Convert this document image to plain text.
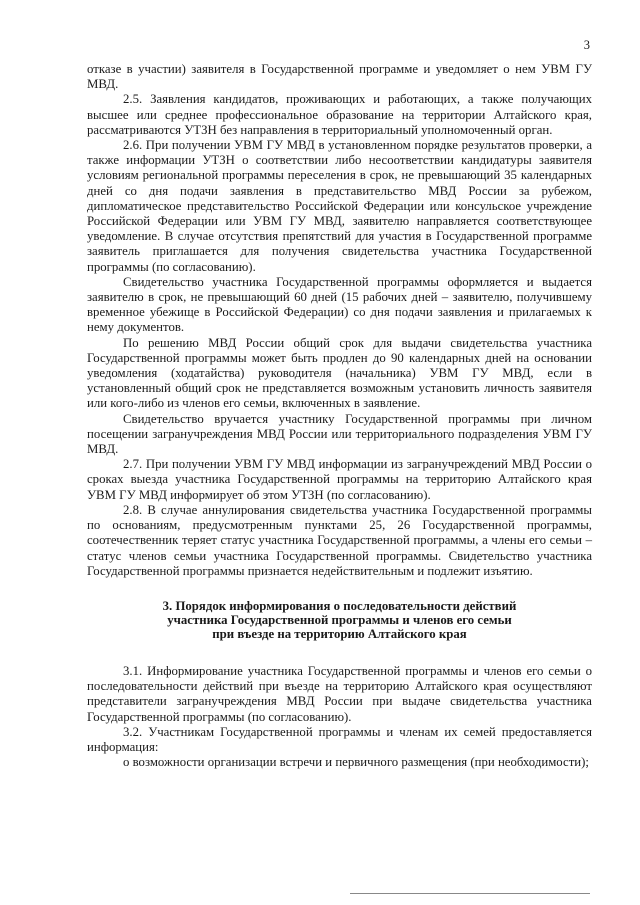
3

отказе в участии) заявителя в Государственной программе и уведомляет о нем УВМ ГУ МВД.

2.5. Заявления кандидатов, проживающих и работающих, а также получающих высшее или среднее профессиональное образование на территории Алтайского края, рассматриваются УТЗН без направления в территориальный уполномоченный орган.

2.6. При получении УВМ ГУ МВД в установленном порядке результатов проверки, а также информации УТЗН о соответствии либо несоответствии кандидатуры заявителя условиям региональной программы переселения в срок, не превышающий 35 календарных дней со дня подачи заявления в представительство МВД России за рубежом, дипломатическое представительство Российской Федерации или консульское учреждение Российской Федерации или УВМ ГУ МВД, заявителю направляется соответствующее уведомление. В случае отсутствия препятствий для участия в Государственной программе заявитель приглашается для получения свидетельства участника Государственной программы (по согласованию).

Свидетельство участника Государственной программы оформляется и выдается заявителю в срок, не превышающий 60 дней (15 рабочих дней – заявителю, получившему временное убежище в Российской Федерации) со дня подачи заявления и прилагаемых к нему документов.

По решению МВД России общий срок для выдачи свидетельства участника Государственной программы может быть продлен до 90 календарных дней на основании уведомления (ходатайства) руководителя (начальника) УВМ ГУ МВД, если в установленный общий срок не представляется возможным установить личность заявителя или кого-либо из членов его семьи, включенных в заявление.

Свидетельство вручается участнику Государственной программы при личном посещении загранучреждения МВД России или территориального подразделения УВМ ГУ МВД.

2.7. При получении УВМ ГУ МВД информации из загранучреждений МВД России о сроках выезда участника Государственной программы на территорию Алтайского края УВМ ГУ МВД информирует об этом УТЗН (по согласованию).

2.8. В случае аннулирования свидетельства участника Государственной программы по основаниям, предусмотренным пунктами 25, 26 Государственной программы, соотечественник теряет статус участника Государственной программы, а члены его семьи – статус членов семьи участника Государственной программы. Свидетельство участника Государственной программы признается недействительным и подлежит изъятию.

3. Порядок информирования о последовательности действий
участника Государственной программы и членов его семьи
при въезде на территорию Алтайского края

3.1. Информирование участника Государственной программы и членов его семьи о последовательности действий при въезде на территорию Алтайского края осуществляют представители загранучреждения МВД России при выдаче свидетельства участника Государственной программы (по согласованию).

3.2. Участникам Государственной программы и членам их семей предоставляется информация:

о возможности организации встречи и первичного размещения (при необходимости);
